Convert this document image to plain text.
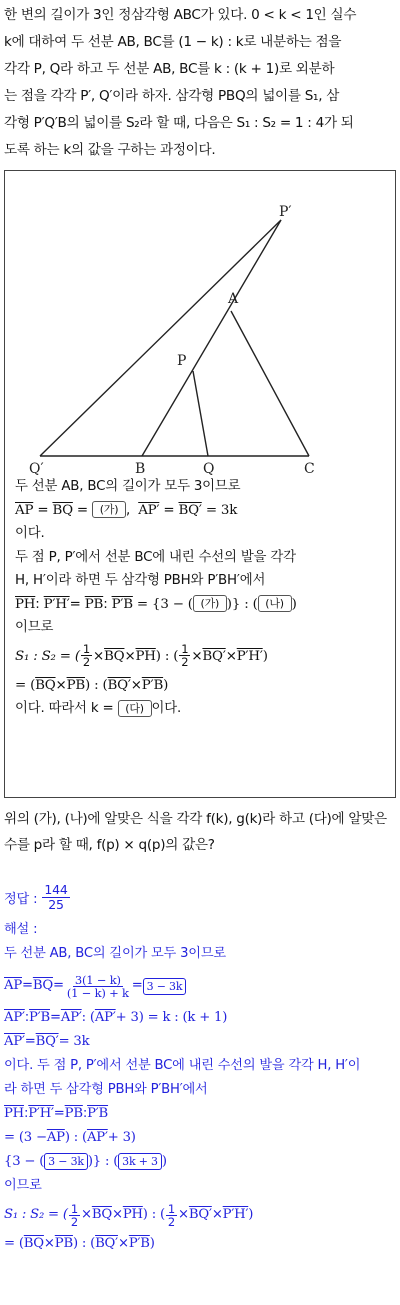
한 변의 길이가 3인 정삼각형 ABC가 있다. 0 < k < 1인 실수

k에 대하여 두 선분 AB, BC를 (1 − k) : k로 내분하는 점을

각각 P, Q라 하고 두 선분 AB, BC를 k : (k + 1)로 외분하

는 점을 각각 P′, Q′이라 하자. 삼각형 PBQ의 넓이를 S₁, 삼

각형 P′Q′B의 넓이를 S₂라 할 때, 다음은 S₁ : S₂ = 1 : 4가 되

도록 하는 k의 값을 구하는 과정이다.

P′
A
P
Q′	B	Q	C
두 선분 AB, BC의 길이가 모두 3이므로
$\overline{AP} = \overline{BQ}$ = (가) , AP′ = BQ′ = 3k
이다.
두 점 P, P′에서 선분 BC에 내린 수선의 발을 각각
H, H′이라 하면 두 삼각형 PBH와 P′BH′에서
$\overline{PH}$: $P'H'= \overline{PB}$: P′B = {3 − ( (가) )} : ( (나) )
이므로
S₁ : S₂ = ( $\frac{1}{2} \times\overline{BQ}\times\overline{PH}$) : ( $\frac{1}{2} \times BQ'\times P'H'$)
= $(\overline{BQ}\times\overline{PB})$ : (BQ′×P′B)
이다. 따라서 k = (다) 이다.
위의 (가), (나)에 알맞은 식을 각각 f(k), g(k)라 하고 (다)에 알맞은
수를 p라 할 때, f(p) × q(p)의 값은?
정답 :
$\frac{144}{25}$
해설 :
두 선분 AB, BC의 길이가 모두 3이므로
$\overline{AP} = \overline{BQ} = \frac{3(1 - k)}{(1 - k) + k} = 3 - 3k$
AP′:P′B=AP′: (AP′+ 3) = k : (k + 1)
AP′=BQ′= 3k
이다. 두 점 P, P′에서 선분 BC에 내린 수선의 발을 각각 H, H′이
라 하면 두 삼각형 PBH와 P′BH′에서
$\overline{PH}:P'H'=\overline{PB}:P'B$
= $(3 -\overline{AP})$ : (AP′+ 3)
{3 − ( 3 − 3k )} : ( 3k + 3 )
이므로
S₁ : S₂ = ( $\frac{1}{2} \times \overline{BQ} \times \overline{PH}$ ) : ( $\frac{1}{2} \times BQ' \times P'H'$ )
= $(\overline{BQ}\times\overline{PB})$ : (BQ′×P′B)
